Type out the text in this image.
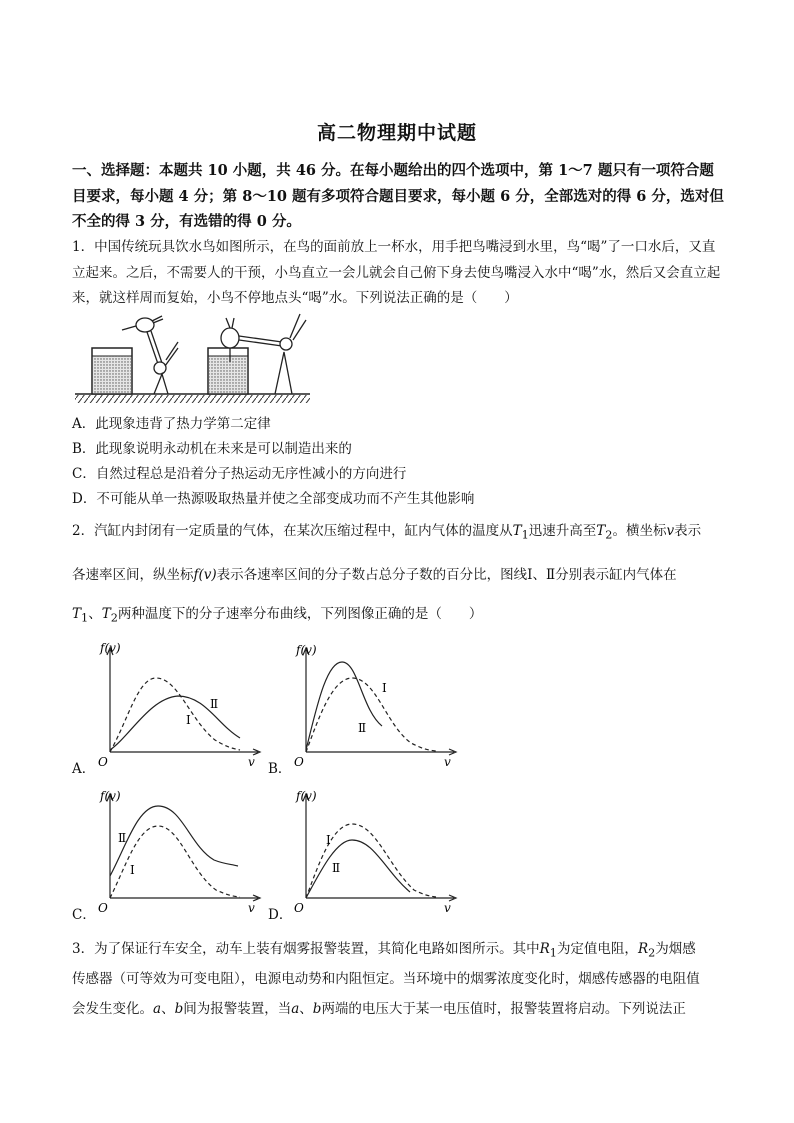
高二物理期中试题
一、选择题：本题共 10 小题，共 46 分。在每小题给出的四个选项中，第 1～7 题只有一项符合题目要求，每小题 4 分；第 8～10 题有多项符合题目要求，每小题 6 分，全部选对的得 6 分，选对但不全的得 3 分，有选错的得 0 分。
1．中国传统玩具饮水鸟如图所示，在鸟的面前放上一杯水，用手把鸟嘴浸到水里，鸟“喝”了一口水后，又直立起来。之后，不需要人的干预，小鸟直立一会儿就会自己俯下身去使鸟嘴浸入水中“喝”水，然后又会直立起来，就这样周而复始，小鸟不停地点头“喝”水。下列说法正确的是（　　）
A．此现象违背了热力学第二定律
B．此现象说明永动机在未来是可以制造出来的
C．自然过程总是沿着分子热运动无序性减小的方向进行
D．不可能从单一热源吸取热量并使之全部变成功而不产生其他影响
2．汽缸内封闭有一定质量的气体，在某次压缩过程中，缸内气体的温度从$T_1$迅速升高至$T_2$。横坐标v表示
各速率区间，纵坐标f(v)表示各速率区间的分子数占总分子数的百分比，图线Ⅰ、Ⅱ分别表示缸内气体在
$T_1$、$T_2$两种温度下的分子速率分布曲线，下列图像正确的是（　　）
A．
f(v)
v
O
Ⅱ
Ⅰ
B．
f(v)
v
O
Ⅰ
Ⅱ
C．
f(v)
v
O
Ⅱ
Ⅰ
D．
f(v)
v
O
Ⅰ
Ⅱ
3．为了保证行车安全，动车上装有烟雾报警装置，其简化电路如图所示。其中$R_1$为定值电阻，$R_2$为烟感
传感器（可等效为可变电阻），电源电动势和内阻恒定。当环境中的烟雾浓度变化时，烟感传感器的电阻值
会发生变化。a、b间为报警装置，当a、b两端的电压大于某一电压值时，报警装置将启动。下列说法正
